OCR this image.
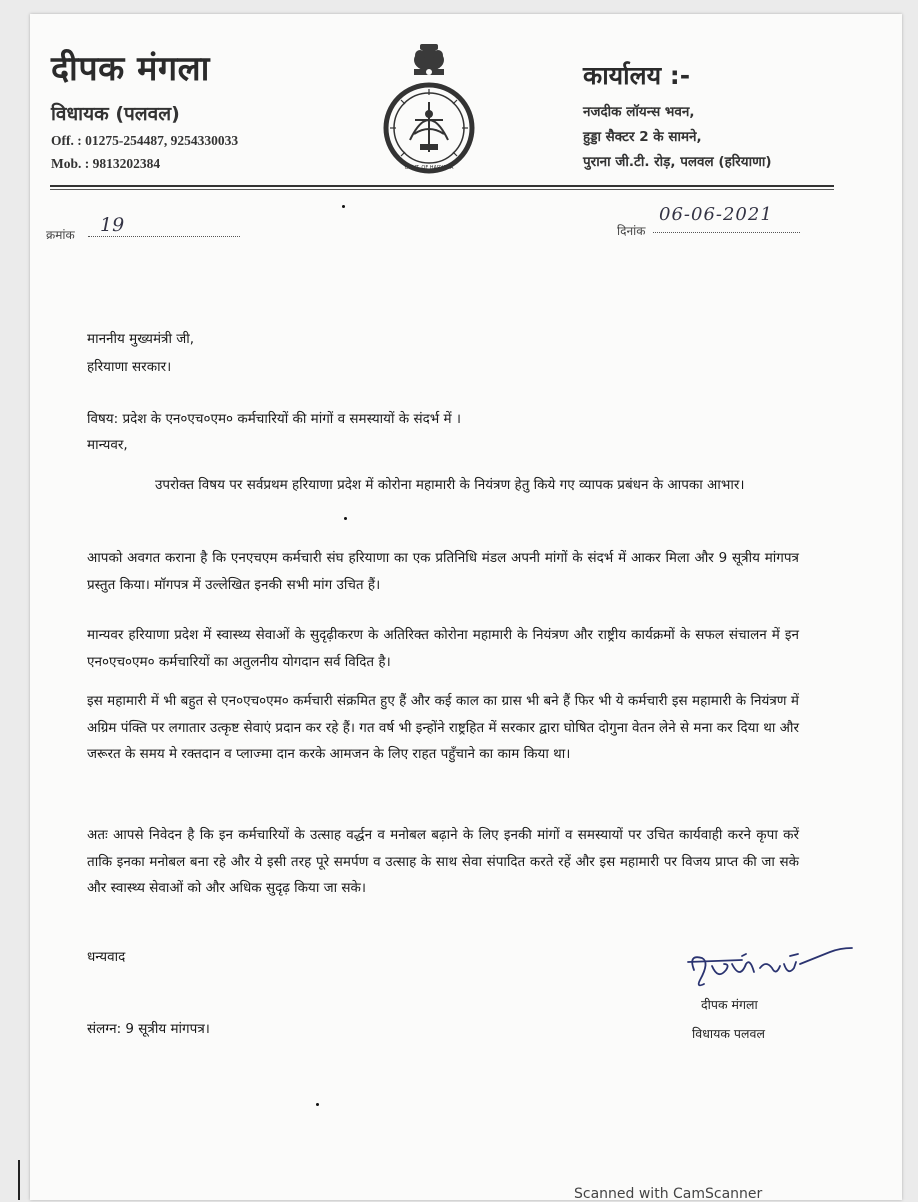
दीपक मंगला
विधायक (पलवल)
Off. : 01275-254487, 9254330033
Mob. : 9813202384	GOVT. OF HARYANA
कार्यालय :-
नजदीक लॉयन्स भवन,
हुड्डा सैक्टर 2 के सामने,
पुराना जी.टी. रोड़, पलवल (हरियाणा)
क्रमांक 19	दिनांक
06-06-2021
माननीय मुख्यमंत्री जी,
हरियाणा सरकार।
विषय: प्रदेश के एन०एच०एम० कर्मचारियों की मांगों व समस्यायों के संदर्भ में ।
मान्यवर,
उपरोक्त विषय पर सर्वप्रथम हरियाणा प्रदेश में कोरोना महामारी के नियंत्रण हेतु किये गए व्यापक प्रबंधन के आपका आभार।
आपको अवगत कराना है कि एनएचएम कर्मचारी संघ हरियाणा का एक प्रतिनिधि मंडल अपनी मांगों के संदर्भ में आकर मिला और 9 सूत्रीय मांगपत्र प्रस्तुत किया। मॉगपत्र में उल्लेखित इनकी सभी मांग उचित हैं।
मान्यवर हरियाणा प्रदेश में स्वास्थ्य सेवाओं के सुदृढ़ीकरण के अतिरिक्त कोरोना महामारी के नियंत्रण और राष्ट्रीय कार्यक्रमों के सफल संचालन में इन एन०एच०एम० कर्मचारियों का अतुलनीय योगदान सर्व विदित है।
इस महामारी में भी बहुत से एन०एच०एम० कर्मचारी संक्रमित हुए हैं और कई काल का ग्रास भी बने हैं फिर भी ये कर्मचारी इस महामारी के नियंत्रण में अग्रिम पंक्ति पर लगातार उत्कृष्ट सेवाएं प्रदान कर रहे हैं। गत वर्ष भी इन्होंने राष्ट्रहित में सरकार द्वारा घोषित दोगुना वेतन लेने से मना कर दिया था और जरूरत के समय मे रक्तदान व प्लाज्मा दान करके आमजन के लिए राहत पहुँचाने का काम किया था।
अतः आपसे निवेदन है कि इन कर्मचारियों के उत्साह वर्द्धन व मनोबल बढ़ाने के लिए इनकी मांगों व समस्यायों पर उचित कार्यवाही करने कृपा करें ताकि इनका मनोबल बना रहे और ये इसी तरह पूरे समर्पण व उत्साह के साथ सेवा संपादित करते रहें और इस महामारी पर विजय प्राप्त की जा सके और स्वास्थ्य सेवाओं को और अधिक सुदृढ़ किया जा सके।
धन्यवाद
संलग्न: 9 सूत्रीय मांगपत्र।
दीपक मंगला
विधायक पलवल
Scanned with CamScanner
